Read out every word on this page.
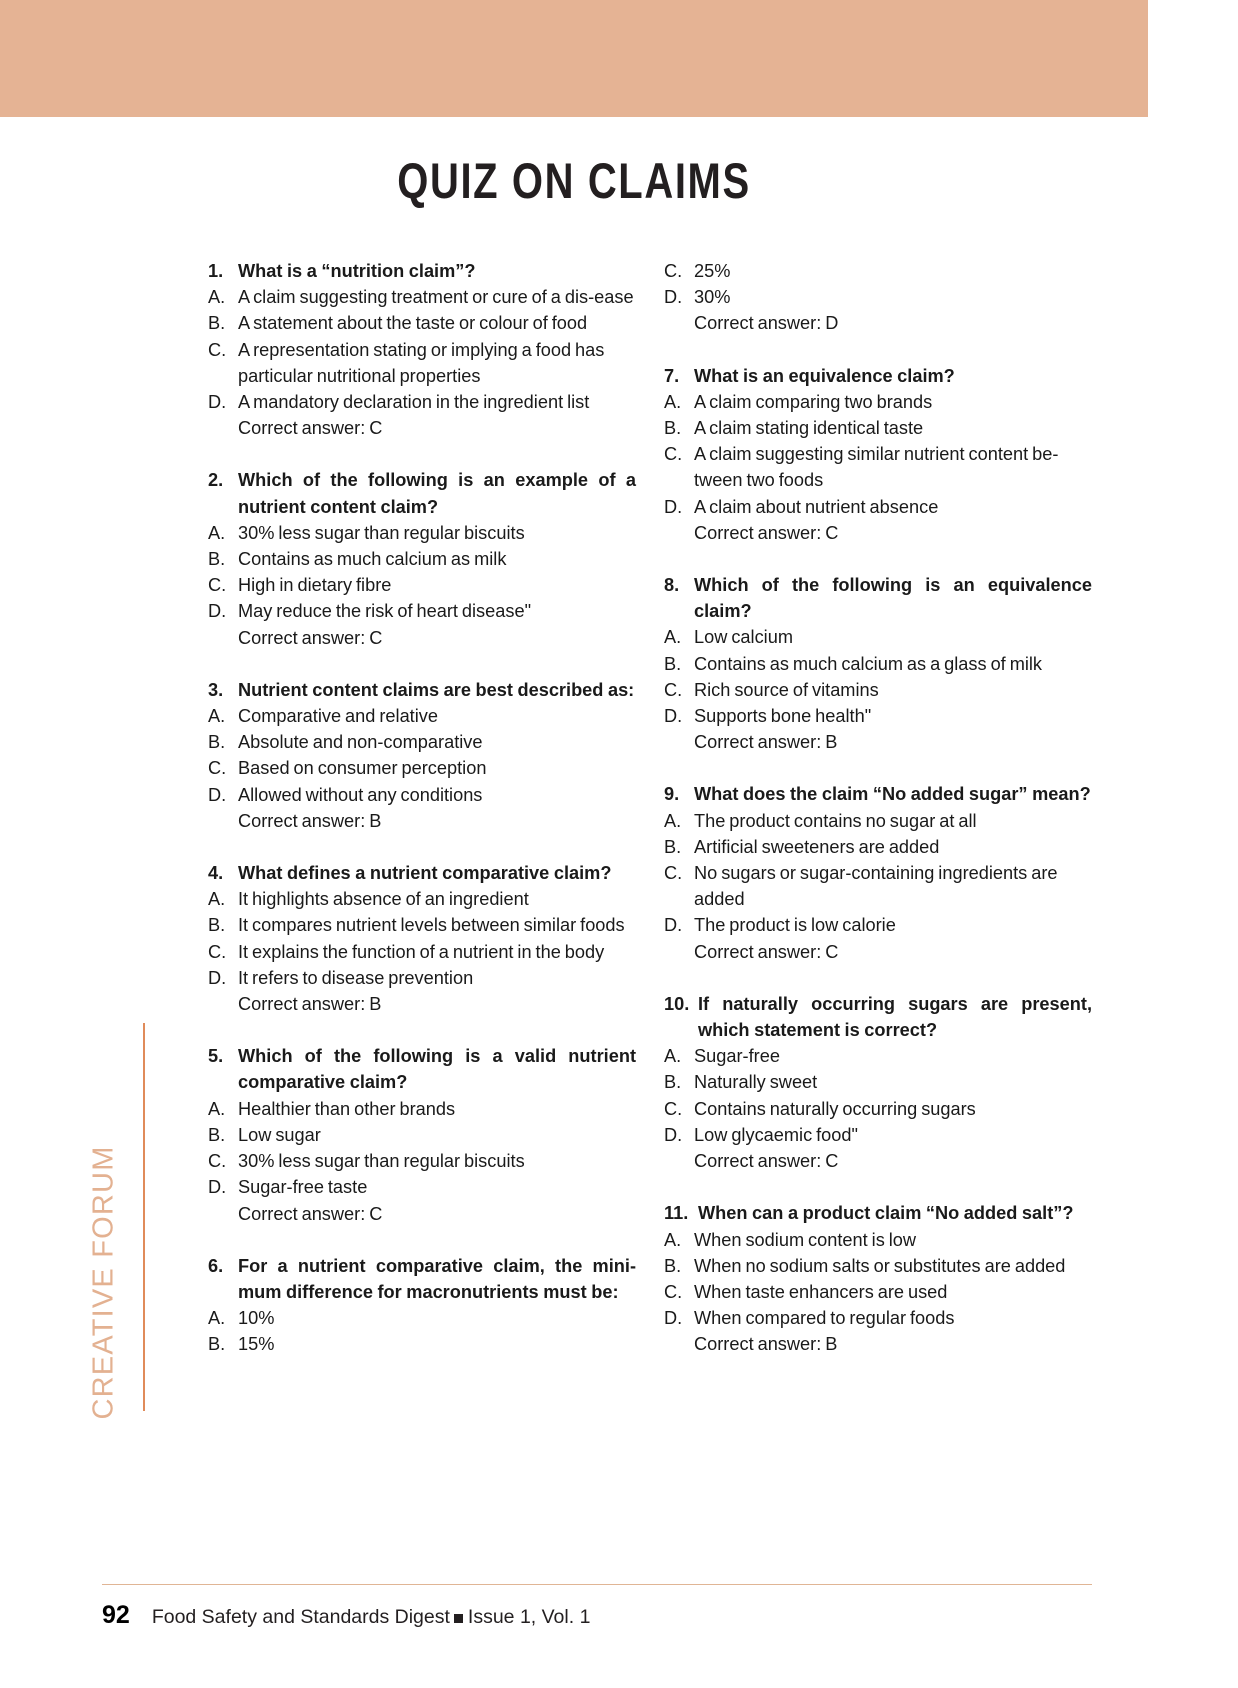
QUIZ ON CLAIMS
CREATIVE FORUM
1. What is a “nutrition claim”?
A. A claim suggesting treatment or cure of a dis-ease
B. A statement about the taste or colour of food
C. A representation stating or implying a food has particular nutritional properties
D. A mandatory declaration in the ingredient list
Correct answer: C
2. Which of the following is an example of a nutrient content claim?
A. 30% less sugar than regular biscuits
B. Contains as much calcium as milk
C. High in dietary fibre
D. May reduce the risk of heart disease"
Correct answer: C
3. Nutrient content claims are best described as:
A. Comparative and relative
B. Absolute and non-comparative
C. Based on consumer perception
D. Allowed without any conditions
Correct answer: B
4. What defines a nutrient comparative claim?
A. It highlights absence of an ingredient
B. It compares nutrient levels between similar foods
C. It explains the function of a nutrient in the body
D. It refers to disease prevention
Correct answer: B
5. Which of the following is a valid nutrient comparative claim?
A. Healthier than other brands
B. Low sugar
C. 30% less sugar than regular biscuits
D. Sugar-free taste
Correct answer: C
6. For a nutrient comparative claim, the mini-mum difference for macronutrients must be:
A. 10%
B. 15%
C. 25%
D. 30%
Correct answer: D
7. What is an equivalence claim?
A. A claim comparing two brands
B. A claim stating identical taste
C. A claim suggesting similar nutrient content be-tween two foods
D. A claim about nutrient absence
Correct answer: C
8. Which of the following is an equivalence claim?
A. Low calcium
B. Contains as much calcium as a glass of milk
C. Rich source of vitamins
D. Supports bone health"
Correct answer: B
9. What does the claim “No added sugar” mean?
A. The product contains no sugar at all
B. Artificial sweeteners are added
C. No sugars or sugar-containing ingredients are added
D. The product is low calorie
Correct answer: C
10. If naturally occurring sugars are present, which statement is correct?
A. Sugar-free
B. Naturally sweet
C. Contains naturally occurring sugars
D. Low glycaemic food"
Correct answer: C
11. When can a product claim “No added salt”?
A. When sodium content is low
B. When no sodium salts or substitutes are added
C. When taste enhancers are used
D. When compared to regular foods
Correct answer: B
92 Food Safety and Standards Digest Issue 1, Vol. 1
